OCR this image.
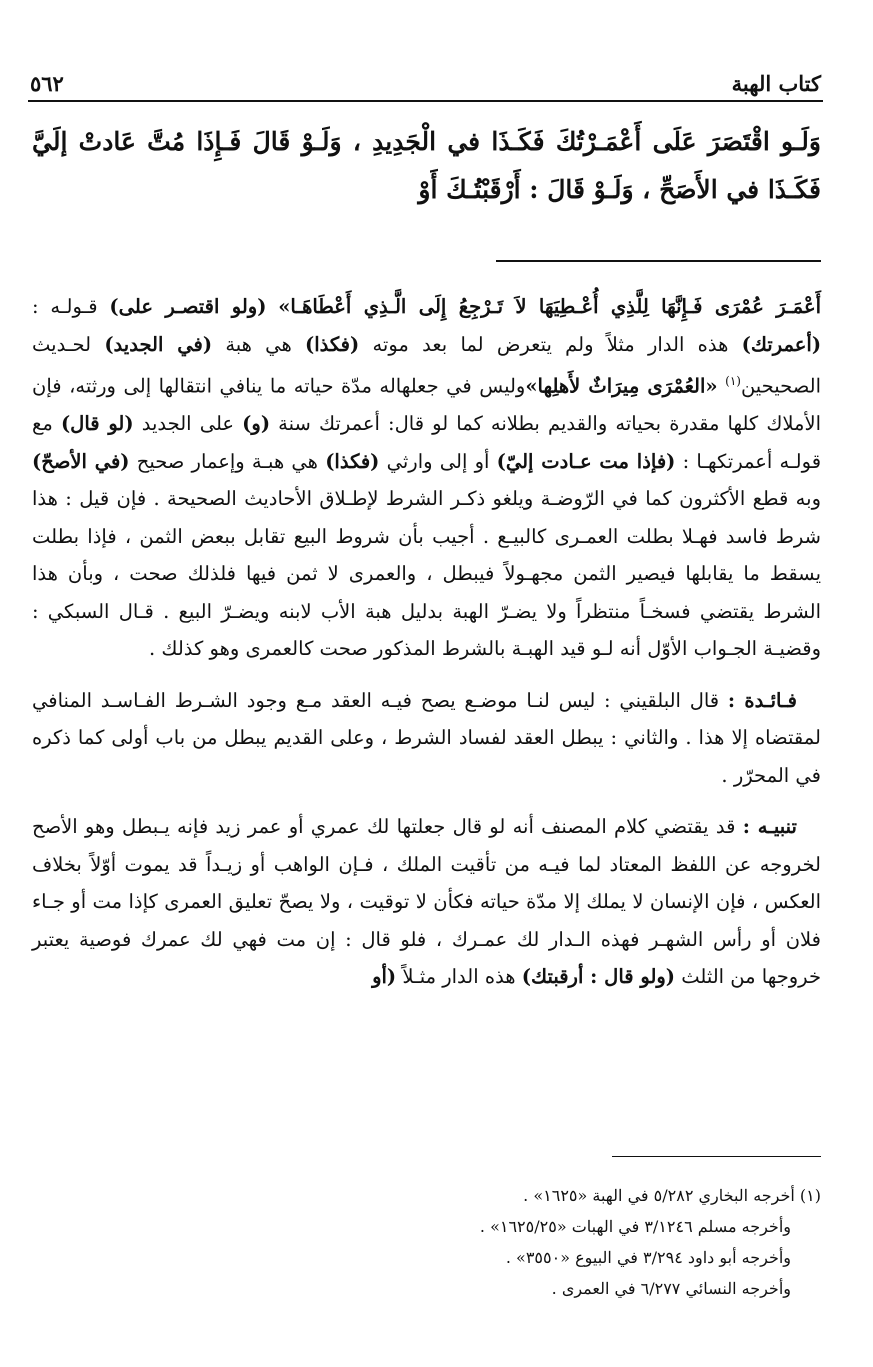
كتاب الهبة
٥٦٢
وَلَـو اقْتَصَرَ عَلَى أَعْمَـرْتُكَ فَكَـذَا في الْجَدِيدِ ، وَلَـوْ قَالَ فَـإِذَا مُتَّ عَادتْ إلَيَّ فَكَـذَا في الأَصَحِّ ، وَلَـوْ قَالَ : أَرْقَبْتُـكَ أَوْ

أَعْمَـرَ عُمْرَى فَـإِنَّهَا لِلَّذِي أُعْـطِيَهَا لاَ تَـرْجِعُ إِلَى الَّـذِي أَعْطَاهَـا» (ولو اقتصـر على) قـولـه : (أعمرتك) هذه الدار مثلاً ولم يتعرض لما بعد موته (فكذا) هي هبة (في الجديد) لحـديث الصحيحين$^{(١)}$ «العُمْرَى مِيرَاثٌ لأَهلِها»وليس في جعلهاله مدّة حياته ما ينافي انتقالها إلى ورثته، فإن الأملاك كلها مقدرة بحياته والقديم بطلانه كما لو قال: أعمرتك سنة (و) على الجديد (لو قال) مع قولـه أعمرتكهـا : (فإذا مت عـادت إليّ) أو إلى وارثي (فكذا) هي هبـة وإعمار صحيح (في الأصحّ) وبه قطع الأكثرون كما في الرّوضـة ويلغو ذكـر الشرط لإطـلاق الأحاديث الصحيحة . فإن قيل : هذا شرط فاسد فهـلا بطلت العمـرى كالبيـع . أجيب بأن شروط البيع تقابل ببعض الثمن ، فإذا بطلت يسقط ما يقابلها فيصير الثمن مجهـولاً فيبطل ، والعمرى لا ثمن فيها فلذلك صحت ، وبأن هذا الشرط يقتضي فسخـاً منتظراً ولا يضـرّ الهبة بدليل هبة الأب لابنه ويضـرّ البيع . قـال السبكي : وقضيـة الجـواب الأوّل أنه لـو قيد الهبـة بالشرط المذكور صحت كالعمرى وهو كذلك .

فـائـدة : قال البلقيني : ليس لنـا موضـع يصح فيـه العقد مـع وجود الشـرط الفـاسـد المنافي لمقتضاه إلا هذا . والثاني : يبطل العقد لفساد الشرط ، وعلى القديم يبطل من باب أولى كما ذكره في المحرّر .

تنبيـه : قد يقتضي كلام المصنف أنه لو قال جعلتها لك عمري أو عمر زيد فإنه يـبطل وهو الأصح لخروجه عن اللفظ المعتاد لما فيـه من تأقيت الملك ، فـإن الواهب أو زيـداً قد يموت أوّلاً بخلاف العكس ، فإن الإنسان لا يملك إلا مدّة حياته فكأن لا توقيت ، ولا يصحّ تعليق العمرى كإذا مت أو جـاء فلان أو رأس الشهـر فهذه الـدار لك عمـرك ، فلو قال : إن مت فهي لك عمرك فوصية يعتبر خروجها من الثلث (ولو قال : أرقبتك) هذه الدار مثـلاً (أو

(١) أخرجه البخاري ٥/٢٨٢ في الهبة «١٦٢٥» .
وأخرجه مسلم ٣/١٢٤٦ في الهبات «١٦٢٥/٢٥» .
وأخرجه أبو داود ٣/٢٩٤ في البيوع «٣٥٥٠» .
وأخرجه النسائي ٦/٢٧٧ في العمرى .
